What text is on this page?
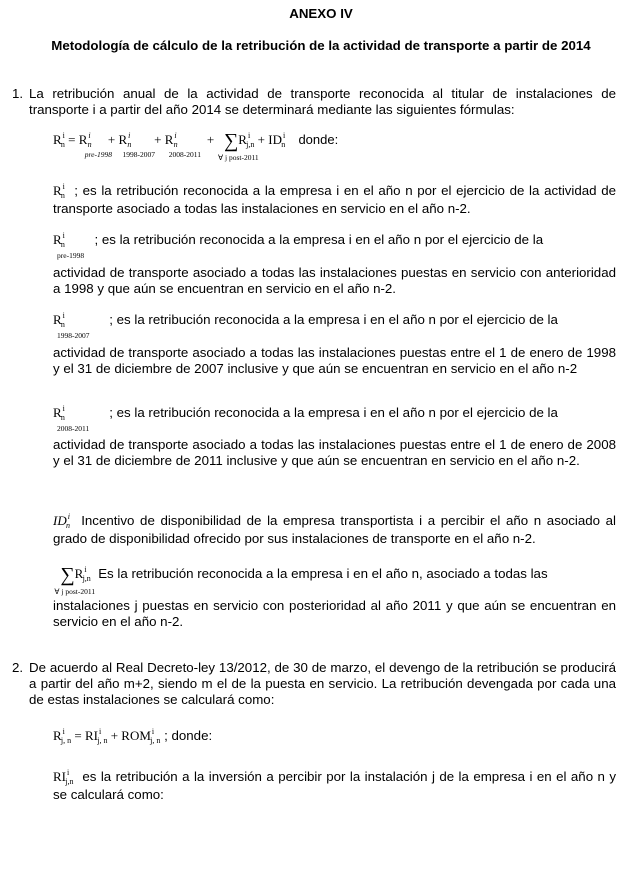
ANEXO IV
Metodología de cálculo de la retribución de la actividad de transporte a partir de 2014
1. La retribución anual de la actividad de transporte reconocida al titular de instalaciones de transporte i a partir del año 2014 se determinará mediante las siguientes fórmulas:
$R^i_n = R^i_n$
pre-1998
+ $R^i_n$
1998-2007
+ $R^i_n$
2008-2011
+ ∑
∀ j post-2011
$R^i_{j,n} + ID^i_n$ donde:
$R^i_n$ ; es la retribución reconocida a la empresa i en el año n por el ejercicio de la actividad de transporte asociado a todas las instalaciones en servicio en el año n-2.
$R^i_n$
pre-1998
; es la retribución reconocida a la empresa i en el año n por el ejercicio de la
actividad de transporte asociado a todas las instalaciones puestas en servicio con anterioridad a 1998 y que aún se encuentran en servicio en el año n-2.
$R^i_n$
1998-2007
; es la retribución reconocida a la empresa i en el año n por el ejercicio de la
actividad de transporte asociado a todas las instalaciones puestas entre el 1 de enero de 1998 y el 31 de diciembre de 2007 inclusive y que aún se encuentran en servicio en el año n-2
$R^i_n$
2008-2011
; es la retribución reconocida a la empresa i en el año n por el ejercicio de la
actividad de transporte asociado a todas las instalaciones puestas entre el 1 de enero de 2008 y el 31 de diciembre de 2011 inclusive y que aún se encuentran en servicio en el año n-2.
$ID^i_n$ Incentivo de disponibilidad de la empresa transportista i a percibir el año n asociado al grado de disponibilidad ofrecido por sus instalaciones de transporte en el año n-2.
∑
∀ j post-2011
$R^i_{j,n}$ Es la retribución reconocida a la empresa i en el año n, asociado a todas las
instalaciones j puestas en servicio con posterioridad al año 2011 y que aún se encuentran en servicio en el año n-2.
2. De acuerdo al Real Decreto-ley 13/2012, de 30 de marzo, el devengo de la retribución se producirá a partir del año m+2, siendo m el de la puesta en servicio. La retribución devengada por cada una de estas instalaciones se calculará como:
$R^i_{j, n} = RI^i_{j, n} + ROM^i_{j, n}$ ; donde:
$RI^i_{j,n}$ es la retribución a la inversión a percibir por la instalación j de la empresa i en el año n y se calculará como:
